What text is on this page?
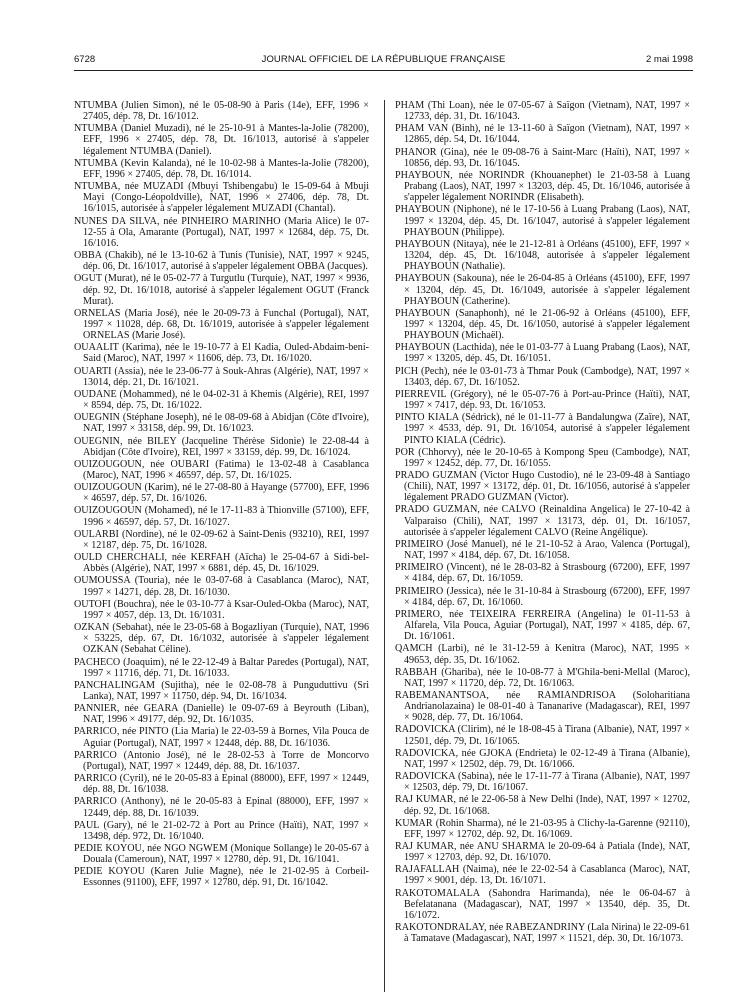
6728	JOURNAL OFFICIEL DE LA RÉPUBLIQUE FRANÇAISE	2 mai 1998

NTUMBA (Julien Simon), né le 05-08-90 à Paris (14e), EFF, 1996 × 27405, dép. 78, Dt. 16/1012.

NTUMBA (Daniel Muzadi), né le 25-10-91 à Mantes-la-Jolie (78200), EFF, 1996 × 27405, dép. 78, Dt. 16/1013, autorisé à s'appeler légalement NTUMBA (Daniel).

NTUMBA (Kevin Kalanda), né le 10-02-98 à Mantes-la-Jolie (78200), EFF, 1996 × 27405, dép. 78, Dt. 16/1014.

NTUMBA, née MUZADI (Mbuyi Tshibengabu) le 15-09-64 à Mbuji Mayi (Congo-Léopoldville), NAT, 1996 × 27406, dép. 78, Dt. 16/1015, autorisée à s'appeler légalement MUZADI (Chantal).

NUNES DA SILVA, née PINHEIRO MARINHO (Maria Alice) le 07-12-55 à Ola, Amarante (Portugal), NAT, 1997 × 12684, dép. 75, Dt. 16/1016.

OBBA (Chakib), né le 13-10-62 à Tunis (Tunisie), NAT, 1997 × 9245, dép. 06, Dt. 16/1017, autorisé à s'appeler légalement OBBA (Jacques).

OGUT (Murat), né le 05-02-77 à Turgutlu (Turquie), NAT, 1997 × 9936, dép. 92, Dt. 16/1018, autorisé à s'appeler légalement OGUT (Franck Murat).

ORNELAS (Maria José), née le 20-09-73 à Funchal (Portugal), NAT, 1997 × 11028, dép. 68, Dt. 16/1019, autorisée à s'appeler légalement ORNELAS (Marie José).

OUAALIT (Karima), née le 19-10-77 à El Kadia, Ouled-Abdaim-beni-Said (Maroc), NAT, 1997 × 11606, dép. 73, Dt. 16/1020.

OUARTI (Assia), née le 23-06-77 à Souk-Ahras (Algérie), NAT, 1997 × 13014, dép. 21, Dt. 16/1021.

OUDANE (Mohammed), né le 04-02-31 à Khemis (Algérie), REI, 1997 × 8594, dép. 75, Dt. 16/1022.

OUEGNIN (Stéphane Joseph), né le 08-09-68 à Abidjan (Côte d'Ivoire), NAT, 1997 × 33158, dép. 99, Dt. 16/1023.

OUEGNIN, née BILEY (Jacqueline Thérèse Sidonie) le 22-08-44 à Abidjan (Côte d'Ivoire), REI, 1997 × 33159, dép. 99, Dt. 16/1024.

OUIZOUGOUN, née OUBARI (Fatima) le 13-02-48 à Casablanca (Maroc), NAT, 1996 × 46597, dép. 57, Dt. 16/1025.

OUIZOUGOUN (Karim), né le 27-08-80 à Hayange (57700), EFF, 1996 × 46597, dép. 57, Dt. 16/1026.

OUIZOUGOUN (Mohamed), né le 17-11-83 à Thionville (57100), EFF, 1996 × 46597, dép. 57, Dt. 16/1027.

OULARBI (Nordine), né le 02-09-62 à Saint-Denis (93210), REI, 1997 × 12187, dép. 75, Dt. 16/1028.

OULD CHERCHALI, née KERFAH (Aïcha) le 25-04-67 à Sidi-bel-Abbès (Algérie), NAT, 1997 × 6881, dép. 45, Dt. 16/1029.

OUMOUSSA (Touria), née le 03-07-68 à Casablanca (Maroc), NAT, 1997 × 14271, dép. 28, Dt. 16/1030.

OUTOFI (Bouchra), née le 03-10-77 à Ksar-Ouled-Okba (Maroc), NAT, 1997 × 4057, dép. 13, Dt. 16/1031.

OZKAN (Sebahat), née le 23-05-68 à Bogazliyan (Turquie), NAT, 1996 × 53225, dép. 67, Dt. 16/1032, autorisée à s'appeler légalement OZKAN (Sebahat Céline).

PACHECO (Joaquim), né le 22-12-49 à Baltar Paredes (Portugal), NAT, 1997 × 11716, dép. 71, Dt. 16/1033.

PANCHALINGAM (Sujitha), née le 02-08-78 à Punguduttivu (Sri Lanka), NAT, 1997 × 11750, dép. 94, Dt. 16/1034.

PANNIER, née GEARA (Danielle) le 09-07-69 à Beyrouth (Liban), NAT, 1996 × 49177, dép. 92, Dt. 16/1035.

PARRICO, née PINTO (Lia Maria) le 22-03-59 à Bornes, Vila Pouca de Aguiar (Portugal), NAT, 1997 × 12448, dép. 88, Dt. 16/1036.

PARRICO (Antonio José), né le 28-02-53 à Torre de Moncorvo (Portugal), NAT, 1997 × 12449, dép. 88, Dt. 16/1037.

PARRICO (Cyril), né le 20-05-83 à Epinal (88000), EFF, 1997 × 12449, dép. 88, Dt. 16/1038.

PARRICO (Anthony), né le 20-05-83 à Epinal (88000), EFF, 1997 × 12449, dép. 88, Dt. 16/1039.

PAUL (Gary), né le 21-02-72 à Port au Prince (Haïti), NAT, 1997 × 13498, dép. 972, Dt. 16/1040.

PEDIE KOYOU, née NGO NGWEM (Monique Sollange) le 20-05-67 à Douala (Cameroun), NAT, 1997 × 12780, dép. 91, Dt. 16/1041.

PEDIE KOYOU (Karen Julie Magne), née le 21-02-95 à Corbeil-Essonnes (91100), EFF, 1997 × 12780, dép. 91, Dt. 16/1042.

PHAM (Thi Loan), née le 07-05-67 à Saïgon (Vietnam), NAT, 1997 × 12733, dép. 31, Dt. 16/1043.

PHAM VAN (Binh), né le 13-11-60 à Saïgon (Vietnam), NAT, 1997 × 12865, dép. 54, Dt. 16/1044.

PHANOR (Gina), née le 09-08-76 à Saint-Marc (Haïti), NAT, 1997 × 10856, dép. 93, Dt. 16/1045.

PHAYBOUN, née NORINDR (Khouanephet) le 21-03-58 à Luang Prabang (Laos), NAT, 1997 × 13203, dép. 45, Dt. 16/1046, autorisée à s'appeler légalement NORINDR (Elisabeth).

PHAYBOUN (Niphone), né le 17-10-56 à Luang Prabang (Laos), NAT, 1997 × 13204, dép. 45, Dt. 16/1047, autorisé à s'appeler légalement PHAYBOUN (Philippe).

PHAYBOUN (Nitaya), née le 21-12-81 à Orléans (45100), EFF, 1997 × 13204, dép. 45, Dt. 16/1048, autorisée à s'appeler légalement PHAYBOUN (Nathalie).

PHAYBOUN (Sakouna), née le 26-04-85 à Orléans (45100), EFF, 1997 × 13204, dép. 45, Dt. 16/1049, autorisée à s'appeler légalement PHAYBOUN (Catherine).

PHAYBOUN (Sanaphonh), né le 21-06-92 à Orléans (45100), EFF, 1997 × 13204, dép. 45, Dt. 16/1050, autorisé à s'appeler légalement PHAYBOUN (Michaël).

PHAYBOUN (Lacthida), née le 01-03-77 à Luang Prabang (Laos), NAT, 1997 × 13205, dép. 45, Dt. 16/1051.

PICH (Pech), née le 03-01-73 à Thmar Pouk (Cambodge), NAT, 1997 × 13403, dép. 67, Dt. 16/1052.

PIERREVIL (Grégory), né le 05-07-76 à Port-au-Prince (Haïti), NAT, 1997 × 7417, dép. 93, Dt. 16/1053.

PINTO KIALA (Sédrick), né le 01-11-77 à Bandalungwa (Zaïre), NAT, 1997 × 4533, dép. 91, Dt. 16/1054, autorisé à s'appeler légalement PINTO KIALA (Cédric).

POR (Chhorvy), née le 20-10-65 à Kompong Speu (Cambodge), NAT, 1997 × 12452, dép. 77, Dt. 16/1055.

PRADO GUZMAN (Victor Hugo Custodio), né le 23-09-48 à Santiago (Chili), NAT, 1997 × 13172, dép. 01, Dt. 16/1056, autorisé à s'appeler légalement PRADO GUZMAN (Victor).

PRADO GUZMAN, née CALVO (Reinaldina Angelica) le 27-10-42 à Valparaiso (Chili), NAT, 1997 × 13173, dép. 01, Dt. 16/1057, autorisée à s'appeler légalement CALVO (Reine Angélique).

PRIMEIRO (José Manuel), né le 21-10-52 à Arao, Valenca (Portugal), NAT, 1997 × 4184, dép. 67, Dt. 16/1058.

PRIMEIRO (Vincent), né le 28-03-82 à Strasbourg (67200), EFF, 1997 × 4184, dép. 67, Dt. 16/1059.

PRIMEIRO (Jessica), née le 31-10-84 à Strasbourg (67200), EFF, 1997 × 4184, dép. 67, Dt. 16/1060.

PRIMERO, née TEIXEIRA FERREIRA (Angelina) le 01-11-53 à Alfarela, Vila Pouca, Aguiar (Portugal), NAT, 1997 × 4185, dép. 67, Dt. 16/1061.

QAMCH (Larbi), né le 31-12-59 à Kenitra (Maroc), NAT, 1995 × 49653, dép. 35, Dt. 16/1062.

RABBAH (Ghariba), née le 10-08-77 à M'Ghila-beni-Mellal (Maroc), NAT, 1997 × 11720, dép. 72, Dt. 16/1063.

RABEMANANTSOA, née RAMIANDRISOA (Soloharitiana Andrianolazaina) le 08-01-40 à Tananarive (Madagascar), REI, 1997 × 9028, dép. 77, Dt. 16/1064.

RADOVICKA (Clirim), né le 18-08-45 à Tirana (Albanie), NAT, 1997 × 12501, dép. 79, Dt. 16/1065.

RADOVICKA, née GJOKA (Endrieta) le 02-12-49 à Tirana (Albanie), NAT, 1997 × 12502, dép. 79, Dt. 16/1066.

RADOVICKA (Sabina), née le 17-11-77 à Tirana (Albanie), NAT, 1997 × 12503, dép. 79, Dt. 16/1067.

RAJ KUMAR, né le 22-06-58 à New Delhi (Inde), NAT, 1997 × 12702, dép. 92, Dt. 16/1068.

KUMAR (Rohin Sharma), né le 21-03-95 à Clichy-la-Garenne (92110), EFF, 1997 × 12702, dép. 92, Dt. 16/1069.

RAJ KUMAR, née ANU SHARMA le 20-09-64 à Patiala (Inde), NAT, 1997 × 12703, dép. 92, Dt. 16/1070.

RAJAFALLAH (Naima), née le 22-02-54 à Casablanca (Maroc), NAT, 1997 × 9001, dép. 13, Dt. 16/1071.

RAKOTOMALALA (Sahondra Harimanda), née le 06-04-67 à Befelatanana (Madagascar), NAT, 1997 × 13540, dép. 35, Dt. 16/1072.

RAKOTONDRALAY, née RABEZANDRINY (Lala Nirina) le 22-09-61 à Tamatave (Madagascar), NAT, 1997 × 11521, dép. 30, Dt. 16/1073.
